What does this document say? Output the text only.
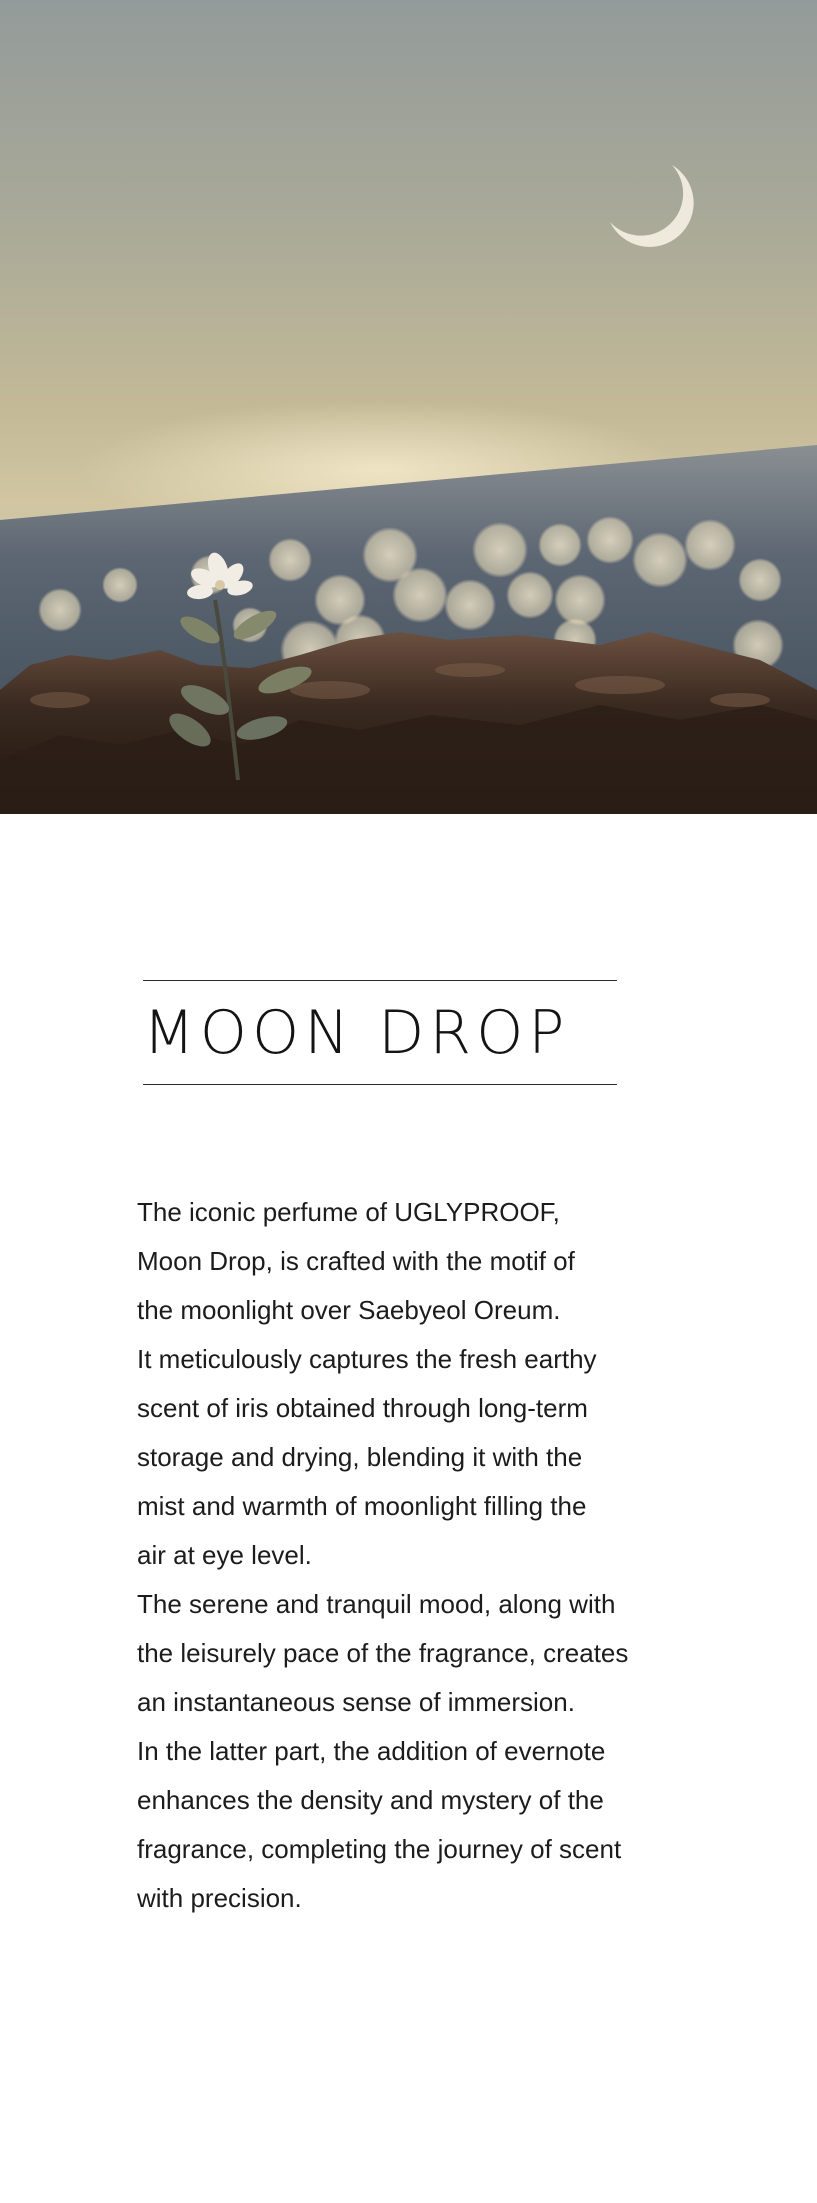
MOON DROP
The iconic perfume of UGLYPROOF,
Moon Drop, is crafted with the motif of
the moonlight over Saebyeol Oreum.
It meticulously captures the fresh earthy
scent of iris obtained through long-term
storage and drying, blending it with the
mist and warmth of moonlight filling the
air at eye level.
The serene and tranquil mood, along with
the leisurely pace of the fragrance, creates
an instantaneous sense of immersion.
In the latter part, the addition of evernote
enhances the density and mystery of the
fragrance, completing the journey of scent
with precision.
